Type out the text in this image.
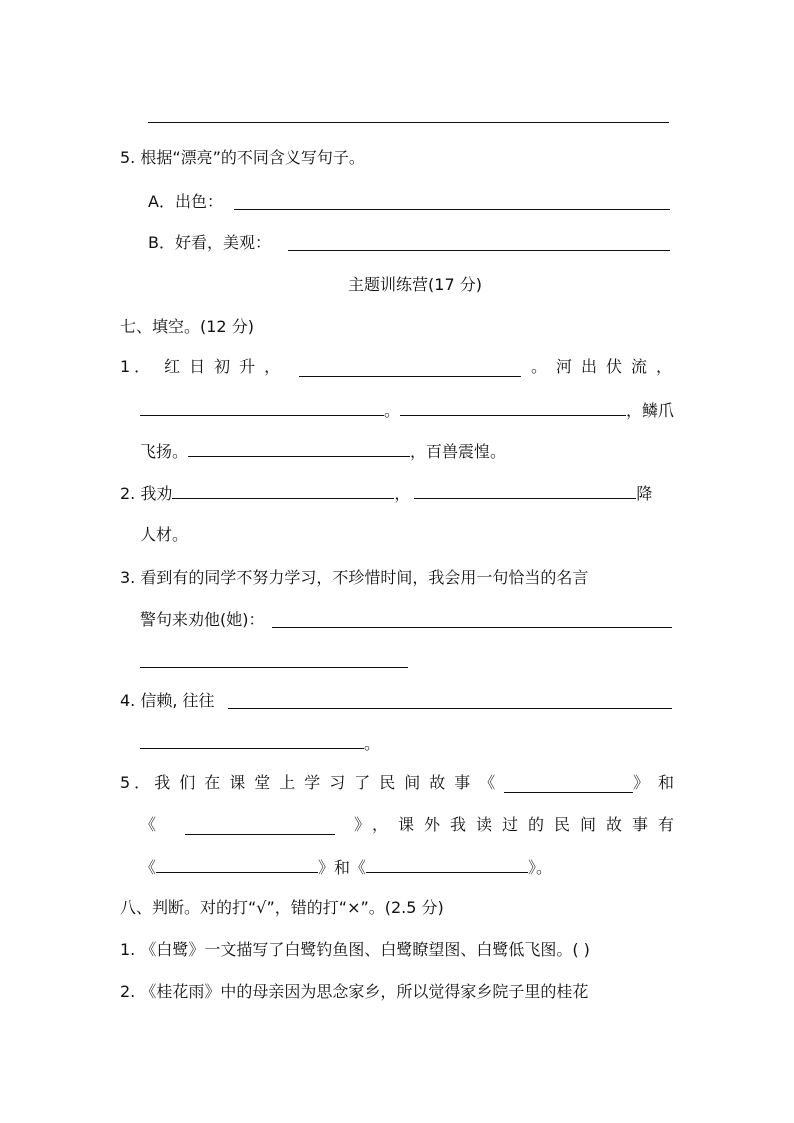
5. 根据“漂亮”的不同含义写句子。
A．出色：
B．好看，美观：
主题训练营(17 分)
七、填空。(12 分)
1． 红日初升，	。河出伏流，
。	，鳞爪
飞扬。	，百兽震惶。
2. 我劝	，	降
人材。
3. 看到有的同学不努力学习，不珍惜时间，我会用一句恰当的名言
警句来劝他(她)：
4. 信赖, 往往
。
5． 我们在课堂上学习了民间故事《	》和
《	》，课外我读过的民间故事有
《	》和《	》。
八、判断。对的打“√”，错的打“×”。(2.5 分)
1. 《白鹭》一文描写了白鹭钓鱼图、白鹭瞭望图、白鹭低飞图。( )
2. 《桂花雨》中的母亲因为思念家乡，所以觉得家乡院子里的桂花
